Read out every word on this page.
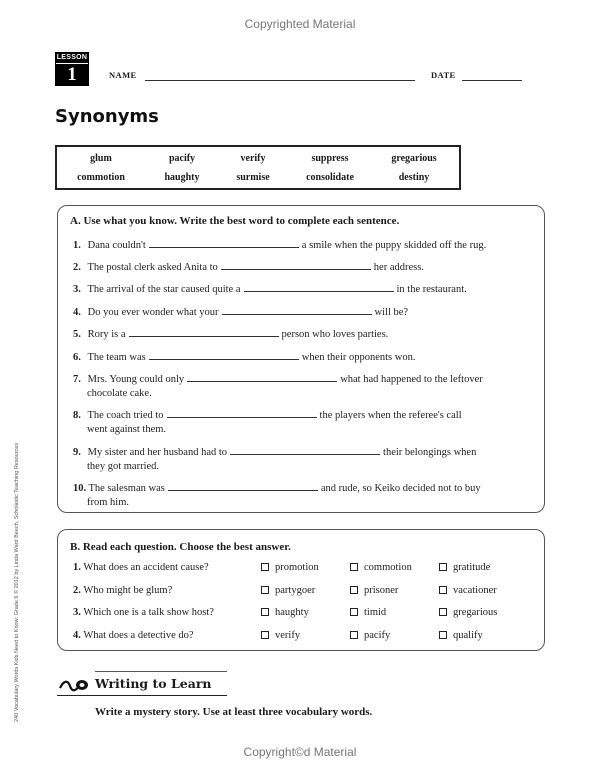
Copyrighted Material
LESSON
1	NAME	DATE
Synonyms
glum	pacify	verify	suppress	gregarious
commotion	haughty	surmise	consolidate	destiny
A. Use what you know. Write the best word to complete each sentence.
1. Dana couldn't	a smile when the puppy skidded off the rug.
2. The postal clerk asked Anita to	her address.
3. The arrival of the star caused quite a	in the restaurant.
4. Do you ever wonder what your	will be?
5. Rory is a	person who loves parties.
6. The team was	when their opponents won.
7. Mrs. Young could only	what had happened to the leftover
chocolate cake.
8. The coach tried to	the players when the referee's call
went against them.
9. My sister and her husband had to	their belongings when
they got married.
10. The salesman was	and rude, so Keiko decided not to buy
from him.
B. Read each question. Choose the best answer.
1. What does an accident cause?	promotion	commotion	gratitude
2. Who might be glum?	partygoer	prisoner	vacationer
3. Which one is a talk show host?	haughty	timid	gregarious
4. What does a detective do?	verify	pacify	qualify
Writing to Learn
Write a mystery story. Use at least three vocabulary words.
240 Vocabulary Words Kids Need to Know: Grade 6 © 2012 by Linda Ward Beech, Scholastic Teaching Resources
Copyright©d Material
